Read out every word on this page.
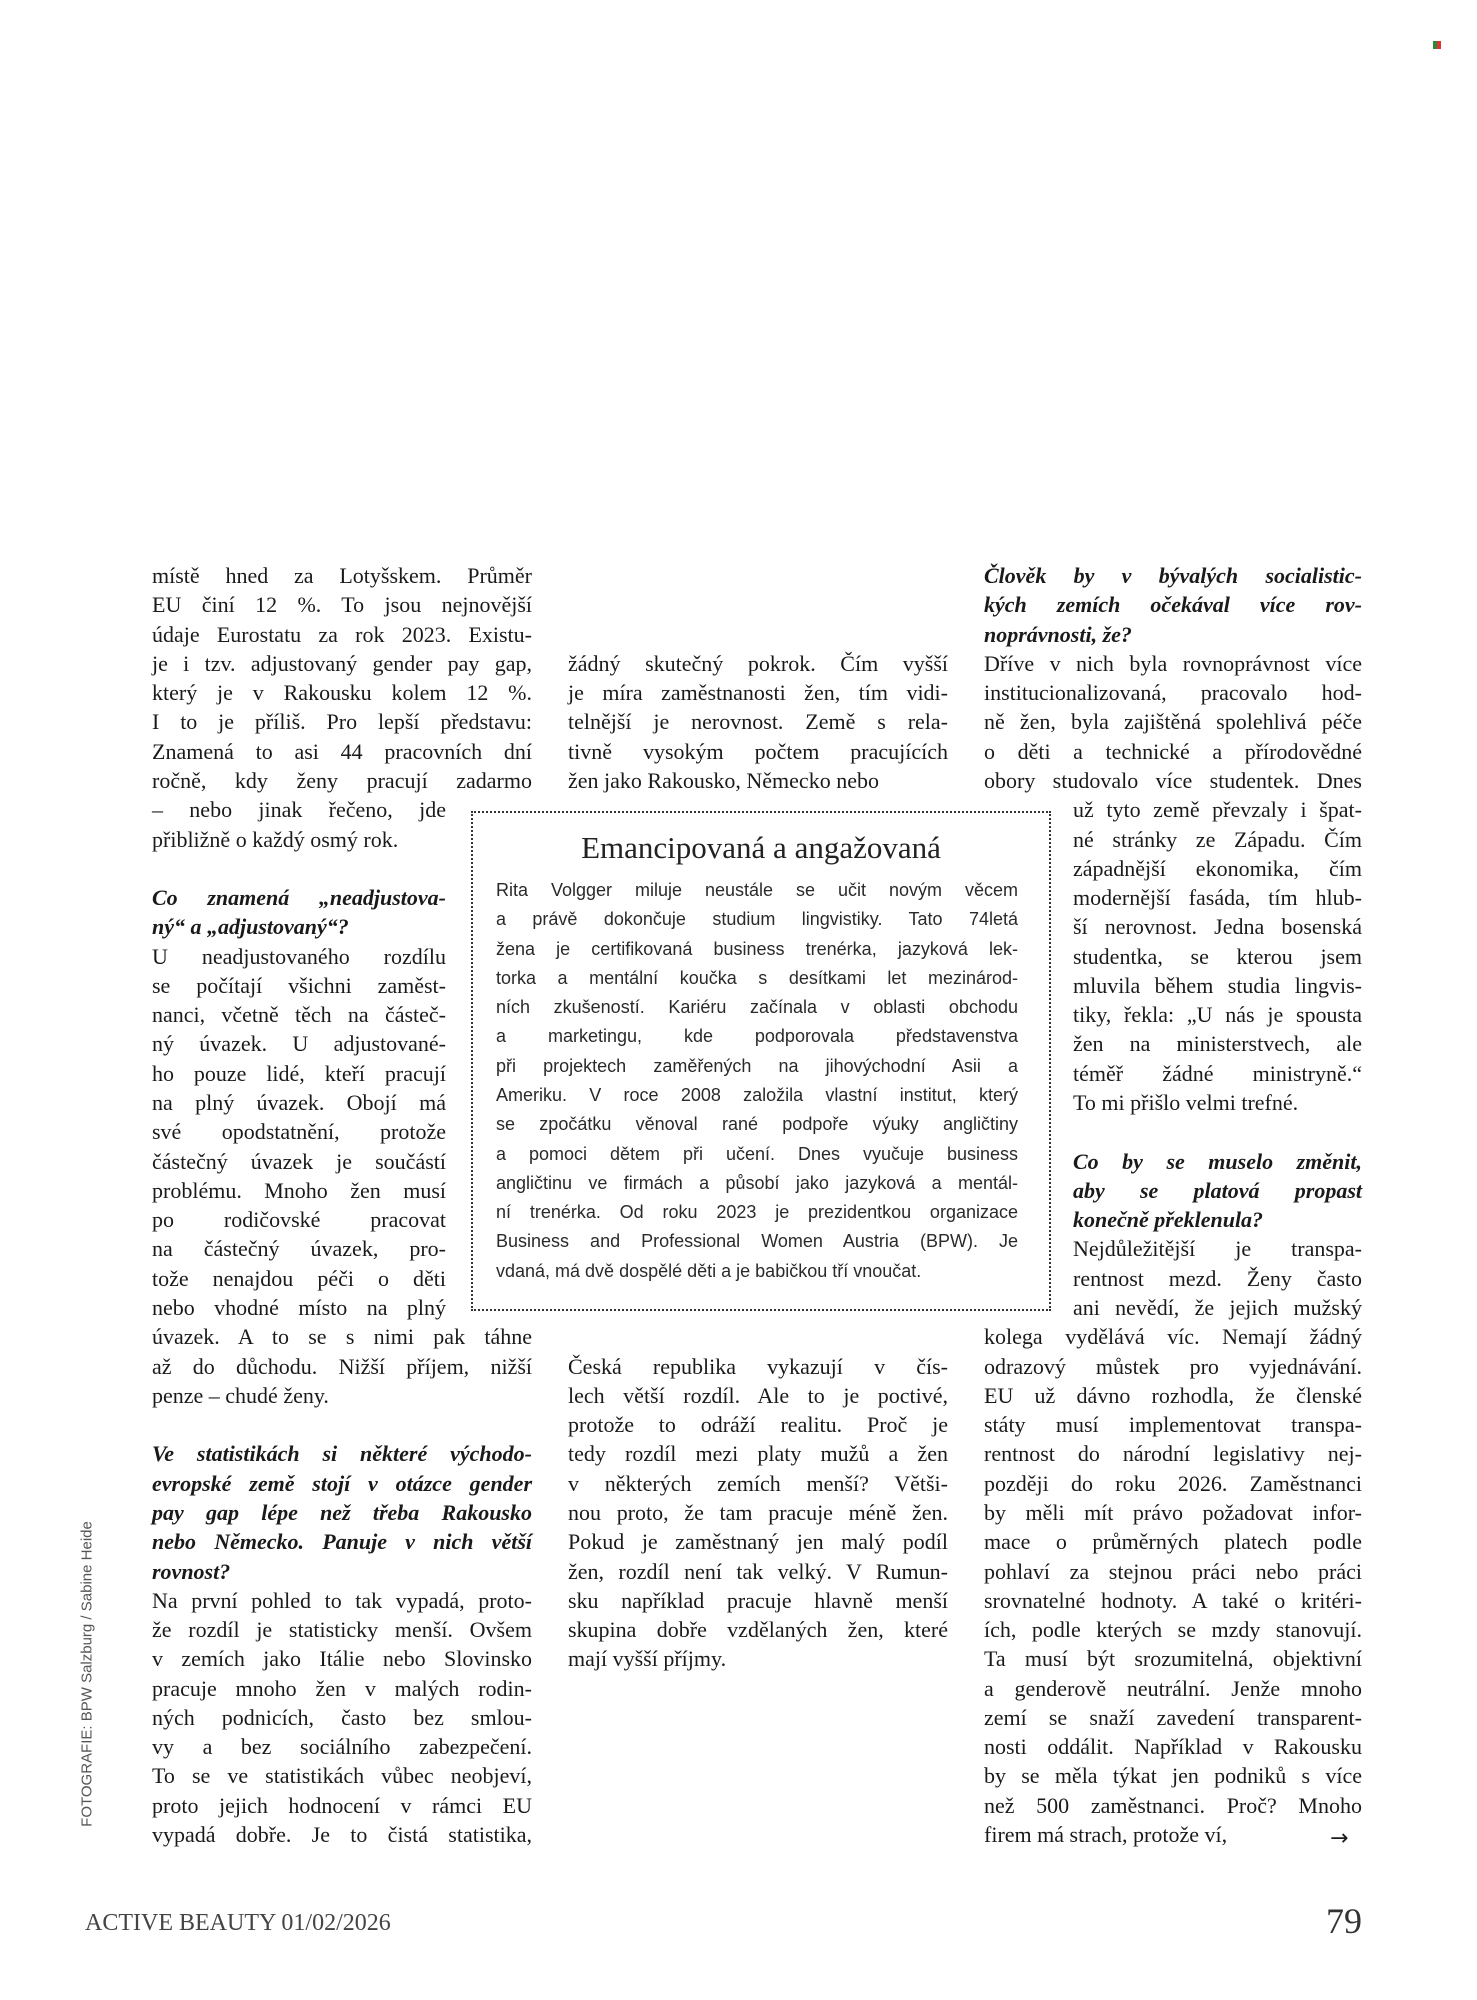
Emancipovaná a angažovaná
FOTOGRAFIE: BPW Salzburg / Sabine Heide
→
ACTIVE BEAUTY 01/02/2026	79
místě hned za Lotyšskem. Průměr
EU činí 12 %. To jsou nejnovější
údaje Eurostatu za rok 2023. Existu-
je i tzv. adjustovaný gender pay gap,
který je v Rakousku kolem 12 %.
I to je příliš. Pro lepší představu:
Znamená to asi 44 pracovních dní
ročně, kdy ženy pracují zadarmo
– nebo jinak řečeno, jde
přibližně o každý osmý rok.
Co znamená „neadjustova-
ný“ a „adjustovaný“?
U neadjustovaného rozdílu
se počítají všichni zaměst-
nanci, včetně těch na částeč-
ný úvazek. U adjustované-
ho pouze lidé, kteří pracují
na plný úvazek. Obojí má
své opodstatnění, protože
částečný úvazek je součástí
problému. Mnoho žen musí
po rodičovské pracovat
na částečný úvazek, pro-
tože nenajdou péči o děti
nebo vhodné místo na plný
úvazek. A to se s nimi pak táhne
až do důchodu. Nižší příjem, nižší
penze – chudé ženy.
Ve statistikách si některé východo-
evropské země stojí v otázce gender
pay gap lépe než třeba Rakousko
nebo Německo. Panuje v nich větší
rovnost?
Na první pohled to tak vypadá, proto-
že rozdíl je statisticky menší. Ovšem
v zemích jako Itálie nebo Slovinsko
pracuje mnoho žen v malých rodin-
ných podnicích, často bez smlou-
vy a bez sociálního zabezpečení.
To se ve statistikách vůbec neobjeví,
proto jejich hodnocení v rámci EU
vypadá dobře. Je to čistá statistika,
žádný skutečný pokrok. Čím vyšší
je míra zaměstnanosti žen, tím vidi-
telnější je nerovnost. Země s rela-
tivně vysokým počtem pracujících
žen jako Rakousko, Německo nebo
Česká republika vykazují v čís-
lech větší rozdíl. Ale to je poctivé,
protože to odráží realitu. Proč je
tedy rozdíl mezi platy mužů a žen
v některých zemích menší? Větši-
nou proto, že tam pracuje méně žen.
Pokud je zaměstnaný jen malý podíl
žen, rozdíl není tak velký. V Rumun-
sku například pracuje hlavně menší
skupina dobře vzdělaných žen, které
mají vyšší příjmy.
Člověk by v bývalých socialistic-
kých zemích očekával více rov-
noprávnosti, že?
Dříve v nich byla rovnoprávnost více
institucionalizovaná, pracovalo hod-
ně žen, byla zajištěná spolehlivá péče
o děti a technické a přírodovědné
obory studovalo více studentek. Dnes
už tyto země převzaly i špat-
né stránky ze Západu. Čím
západnější ekonomika, čím
modernější fasáda, tím hlub-
ší nerovnost. Jedna bosenská
studentka, se kterou jsem
mluvila během studia lingvis-
tiky, řekla: „U nás je spousta
žen na ministerstvech, ale
téměř žádné ministryně.“
To mi přišlo velmi trefné.
Co by se muselo změnit,
aby se platová propast
konečně překlenula?
Nejdůležitější je transpa-
rentnost mezd. Ženy často
ani nevědí, že jejich mužský
kolega vydělává víc. Nemají žádný
odrazový můstek pro vyjednávání.
EU už dávno rozhodla, že členské
státy musí implementovat transpa-
rentnost do národní legislativy nej-
později do roku 2026. Zaměstnanci
by měli mít právo požadovat infor-
mace o průměrných platech podle
pohlaví za stejnou práci nebo práci
srovnatelné hodnoty. A také o kritéri-
ích, podle kterých se mzdy stanovují.
Ta musí být srozumitelná, objektivní
a genderově neutrální. Jenže mnoho
zemí se snaží zavedení transparent-
nosti oddálit. Například v Rakousku
by se měla týkat jen podniků s více
než 500 zaměstnanci. Proč? Mnoho
firem má strach, protože ví,
Rita Volgger miluje neustále se učit novým věcem
a právě dokončuje studium lingvistiky. Tato 74letá
žena je certifikovaná business trenérka, jazyková lek-
torka a mentální koučka s desítkami let mezinárod-
ních zkušeností. Kariéru začínala v oblasti obchodu
a marketingu, kde podporovala představenstva
při projektech zaměřených na jihovýchodní Asii a
Ameriku. V roce 2008 založila vlastní institut, který
se zpočátku věnoval rané podpoře výuky angličtiny
a pomoci dětem při učení. Dnes vyučuje business
angličtinu ve firmách a působí jako jazyková a mentál-
ní trenérka. Od roku 2023 je prezidentkou organizace
Business and Professional Women Austria (BPW). Je
vdaná, má dvě dospělé děti a je babičkou tří vnoučat.
